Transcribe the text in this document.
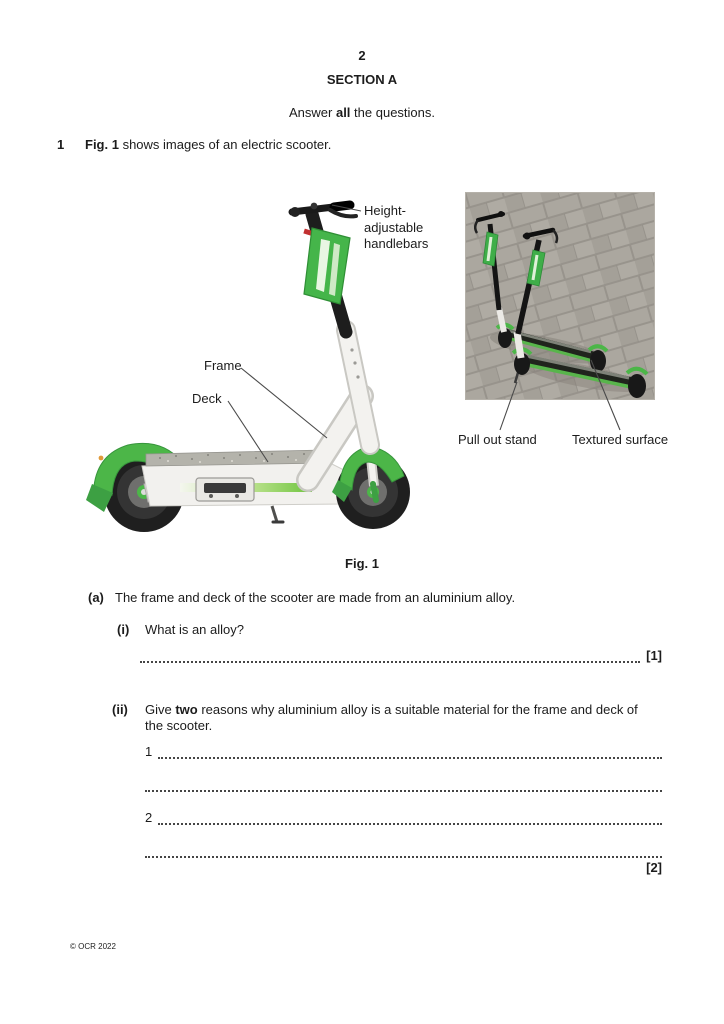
2
SECTION A
Answer all the questions.
1 Fig. 1 shows images of an electric scooter.
Height-
adjustable
handlebars
Frame
Deck
Pull out stand	Textured surface
Fig. 1
(a) The frame and deck of the scooter are made from an aluminium alloy.
(i) What is an alloy?
[1]
(ii) Give two reasons why aluminium alloy is a suitable material for the frame and deck of the scooter.
1
2
[2]
© OCR 2022
